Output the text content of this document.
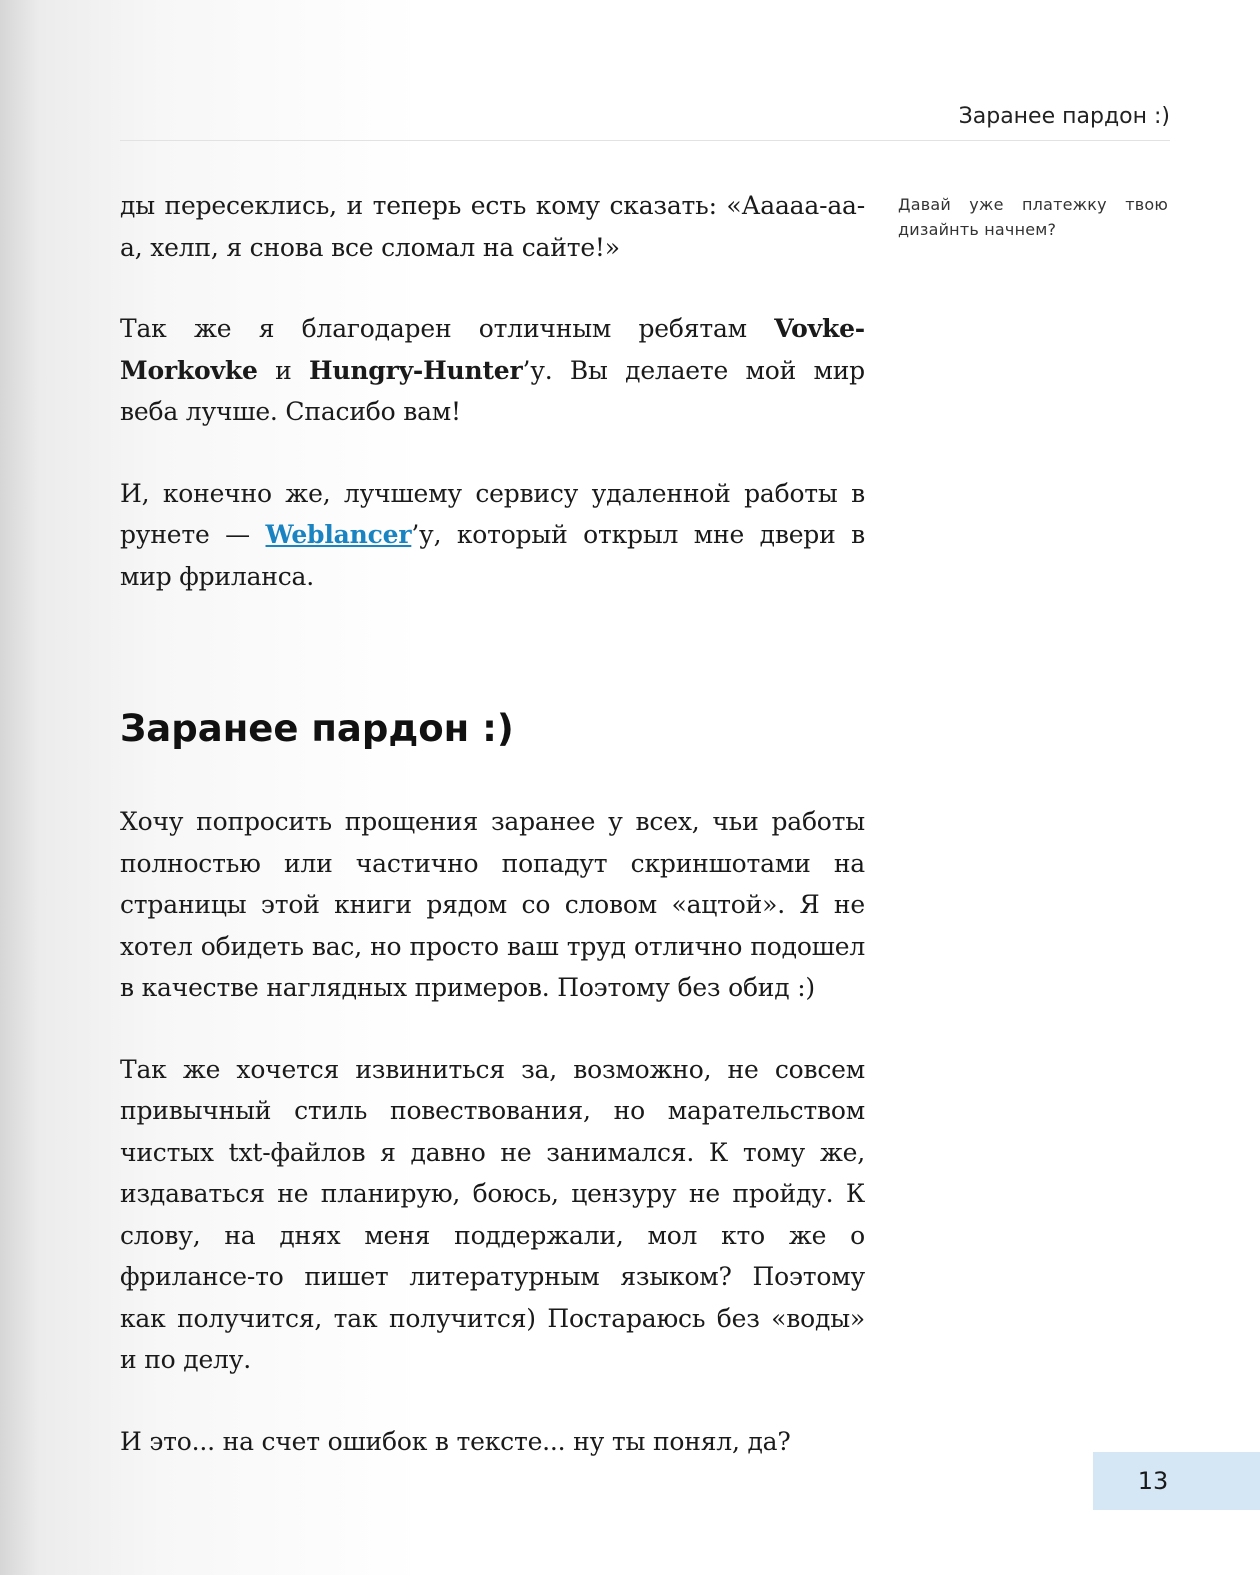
Заранее пардон :)
Давай уже платежку твою дизайнть начнем?

ды пересеклись, и теперь есть кому сказать: «Ааааа-аа-а, хелп, я снова все сломал на сайте!»

Так же я благодарен отличным ребятам Vovke-Morkovke и Hungry-Hunter’у. Вы делаете мой мир веба лучше. Спасибо вам!

И, конечно же, лучшему сервису удаленной работы в рунете — Weblancer’у, который открыл мне двери в мир фриланса.

Заранее пардон :)

Хочу попросить прощения заранее у всех, чьи работы полностью или частично попадут скриншотами на страницы этой книги рядом со словом «ацтой». Я не хотел обидеть вас, но просто ваш труд отлично подошел в качестве наглядных примеров. Поэтому без обид :)

Так же хочется извиниться за, возможно, не совсем привычный стиль повествования, но марательством чистых txt-файлов я давно не занимался. К тому же, издаваться не планирую, боюсь, цензуру не пройду. К слову, на днях меня поддержали, мол кто же о фрилансе-то пишет литературным языком? Поэтому как получится, так получится) Постараюсь без «воды» и по делу.

И это... на счет ошибок в тексте... ну ты понял, да?

13
